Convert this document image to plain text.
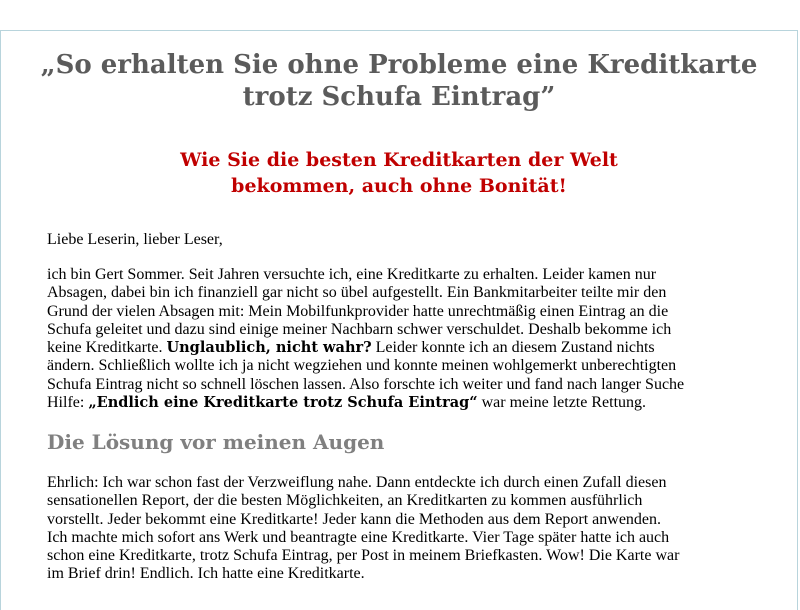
„So erhalten Sie ohne Probleme eine Kreditkarte
trotz Schufa Eintrag”
Wie Sie die besten Kreditkarten der Welt
bekommen, auch ohne Bonität!

Liebe Leserin, lieber Leser,

ich bin Gert Sommer. Seit Jahren versuchte ich, eine Kreditkarte zu erhalten. Leider kamen nur
Absagen, dabei bin ich finanziell gar nicht so übel aufgestellt. Ein Bankmitarbeiter teilte mir den
Grund der vielen Absagen mit: Mein Mobilfunkprovider hatte unrechtmäßig einen Eintrag an die
Schufa geleitet und dazu sind einige meiner Nachbarn schwer verschuldet. Deshalb bekomme ich
keine Kreditkarte. Unglaublich, nicht wahr? Leider konnte ich an diesem Zustand nichts
ändern. Schließlich wollte ich ja nicht wegziehen und konnte meinen wohlgemerkt unberechtigten
Schufa Eintrag nicht so schnell löschen lassen. Also forschte ich weiter und fand nach langer Suche
Hilfe: „Endlich eine Kreditkarte trotz Schufa Eintrag“ war meine letzte Rettung.

Die Lösung vor meinen Augen

Ehrlich: Ich war schon fast der Verzweiflung nahe. Dann entdeckte ich durch einen Zufall diesen
sensationellen Report, der die besten Möglichkeiten, an Kreditkarten zu kommen ausführlich
vorstellt. Jeder bekommt eine Kreditkarte! Jeder kann die Methoden aus dem Report anwenden.
Ich machte mich sofort ans Werk und beantragte eine Kreditkarte. Vier Tage später hatte ich auch
schon eine Kreditkarte, trotz Schufa Eintrag, per Post in meinem Briefkasten. Wow! Die Karte war
im Brief drin! Endlich. Ich hatte eine Kreditkarte.
